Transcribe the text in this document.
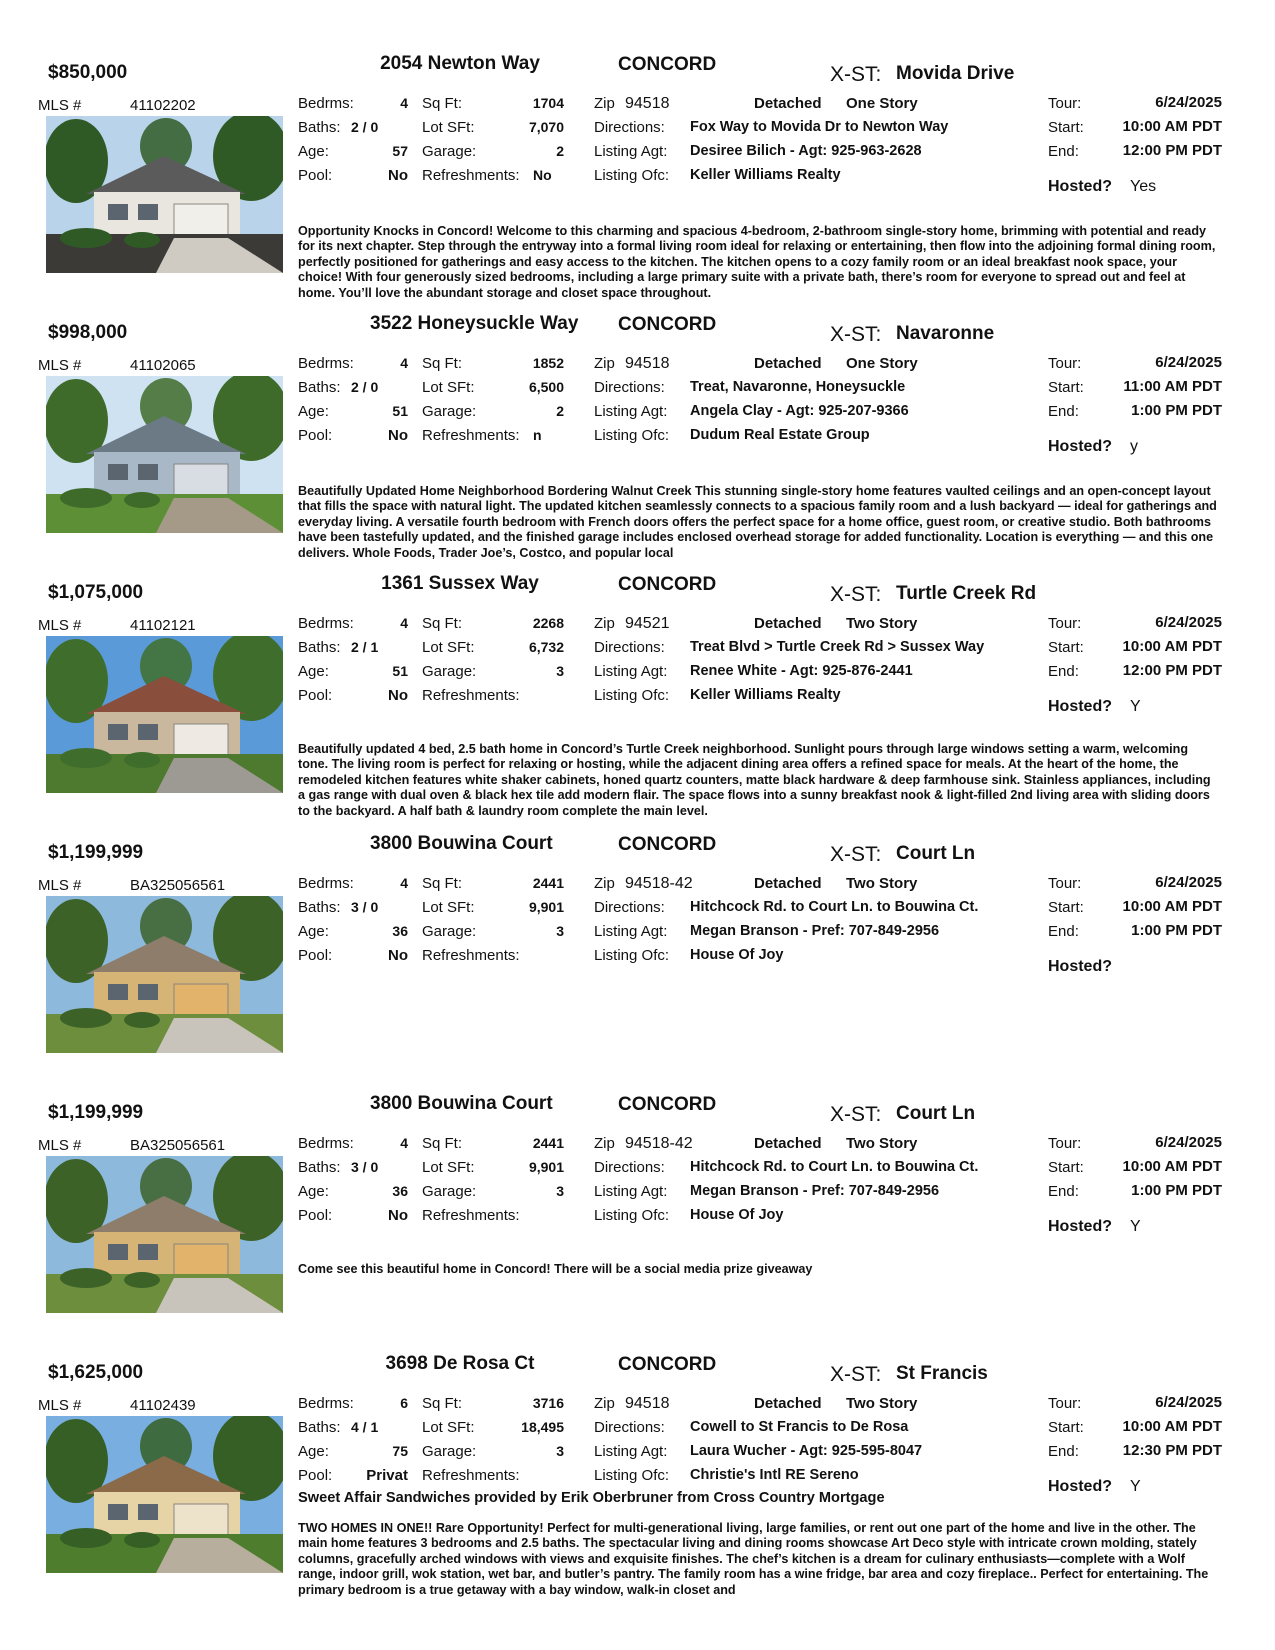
$850,000	2054 Newton Way	CONCORD	X-ST: Movida Drive
MLS #	41102202	Bedrms:	4
Baths: 2 / 0
Age:	57
Pool:	No
Sq Ft:	1704
Lot SFt:	7,070
Garage:	2
Refreshments: No
Zip 94518	Detached One Story
Directions: Fox Way to Movida Dr to Newton Way
Listing Agt: Desiree Bilich - Agt: 925-963-2628
Listing Ofc: Keller Williams Realty
Tour:	6/24/2025
Start:	10:00 AM PDT
End:	12:00 PM PDT
Hosted? Yes
Opportunity Knocks in Concord! Welcome to this charming and spacious 4-bedroom, 2-bathroom single-story home, brimming with potential and ready for its next chapter. Step through the entryway into a formal living room ideal for relaxing or entertaining, then flow into the adjoining formal dining room, perfectly positioned for gatherings and easy access to the kitchen. The kitchen opens to a cozy family room or an ideal breakfast nook space, your choice! With four generously sized bedrooms, including a large primary suite with a private bath, there’s room for everyone to spread out and feel at home. You’ll love the abundant storage and closet space throughout.
$998,000	3522 Honeysuckle Way CONCORD	X-ST: Navaronne
MLS #	41102065	Bedrms:	4
Baths: 2 / 0
Age:	51
Pool:	No
Sq Ft:	1852
Lot SFt:	6,500
Garage:	2
Refreshments: n
Zip 94518	Detached One Story
Directions: Treat, Navaronne, Honeysuckle
Listing Agt: Angela Clay - Agt: 925-207-9366
Listing Ofc: Dudum Real Estate Group
Tour:	6/24/2025
Start:	11:00 AM PDT
End:	1:00 PM PDT
Hosted? y
Beautifully Updated Home Neighborhood Bordering Walnut Creek This stunning single-story home features vaulted ceilings and an open-concept layout that fills the space with natural light. The updated kitchen seamlessly connects to a spacious family room and a lush backyard — ideal for gatherings and everyday living. A versatile fourth bedroom with French doors offers the perfect space for a home office, guest room, or creative studio. Both bathrooms have been tastefully updated, and the finished garage includes enclosed overhead storage for added functionality. Location is everything — and this one delivers. Whole Foods, Trader Joe’s, Costco, and popular local
$1,075,000	1361 Sussex Way	CONCORD	X-ST: Turtle Creek Rd
MLS #	41102121	Bedrms:	4
Baths: 2 / 1
Age:	51
Pool:	No
Sq Ft:	2268
Lot SFt:	6,732
Garage:	3
Refreshments:
Zip 94521	Detached Two Story
Directions: Treat Blvd > Turtle Creek Rd > Sussex Way
Listing Agt: Renee White - Agt: 925-876-2441
Listing Ofc: Keller Williams Realty
Tour:	6/24/2025
Start:	10:00 AM PDT
End:	12:00 PM PDT
Hosted? Y
Beautifully updated 4 bed, 2.5 bath home in Concord’s Turtle Creek neighborhood. Sunlight pours through large windows setting a warm, welcoming tone. The living room is perfect for relaxing or hosting, while the adjacent dining area offers a refined space for meals. At the heart of the home, the remodeled kitchen features white shaker cabinets, honed quartz counters, matte black hardware & deep farmhouse sink. Stainless appliances, including a gas range with dual oven & black hex tile add modern flair. The space flows into a sunny breakfast nook & light-filled 2nd living area with sliding doors to the backyard. A half bath & laundry room complete the main level.
$1,199,999	3800 Bouwina Court	CONCORD	X-ST: Court Ln
MLS #	BA325056561	Bedrms:	4
Baths: 3 / 0
Age:	36
Pool:	No
Sq Ft:	2441
Lot SFt:	9,901
Garage:	3
Refreshments:
Zip 94518-42	Detached Two Story
Directions: Hitchcock Rd. to Court Ln. to Bouwina Ct.
Listing Agt: Megan Branson - Pref: 707-849-2956
Listing Ofc: House Of Joy
Tour:	6/24/2025
Start:	10:00 AM PDT
End:	1:00 PM PDT
Hosted?
$1,199,999	3800 Bouwina Court	CONCORD	X-ST: Court Ln
MLS #	BA325056561	Bedrms:	4
Baths: 3 / 0
Age:	36
Pool:	No
Sq Ft:	2441
Lot SFt:	9,901
Garage:	3
Refreshments:
Zip 94518-42	Detached Two Story
Directions: Hitchcock Rd. to Court Ln. to Bouwina Ct.
Listing Agt: Megan Branson - Pref: 707-849-2956
Listing Ofc: House Of Joy
Tour:	6/24/2025
Start:	10:00 AM PDT
End:	1:00 PM PDT
Hosted? Y
Come see this beautiful home in Concord! There will be a social media prize giveaway
$1,625,000	3698 De Rosa Ct	CONCORD	X-ST: St Francis
MLS #	41102439	Bedrms:	6
Baths: 4 / 1
Age:	75
Pool:	Privat
Sq Ft:	3716
Lot SFt:	18,495
Garage:	3
Refreshments:
Zip 94518	Detached Two Story
Directions: Cowell to St Francis to De Rosa
Listing Agt: Laura Wucher - Agt: 925-595-8047
Listing Ofc: Christie's Intl RE Sereno
Tour:	6/24/2025
Start:	10:00 AM PDT
End:	12:30 PM PDT
Hosted? Y
Sweet Affair Sandwiches provided by Erik Oberbruner from Cross Country Mortgage
TWO HOMES IN ONE!! Rare Opportunity! Perfect for multi-generational living, large families, or rent out one part of the home and live in the other. The main home features 3 bedrooms and 2.5 baths. The spectacular living and dining rooms showcase Art Deco style with intricate crown molding, stately columns, gracefully arched windows with views and exquisite finishes. The chef’s kitchen is a dream for culinary enthusiasts—complete with a Wolf range, indoor grill, wok station, wet bar, and butler’s pantry. The family room has a wine fridge, bar area and cozy fireplace.. Perfect for entertaining. The primary bedroom is a true getaway with a bay window, walk-in closet and
